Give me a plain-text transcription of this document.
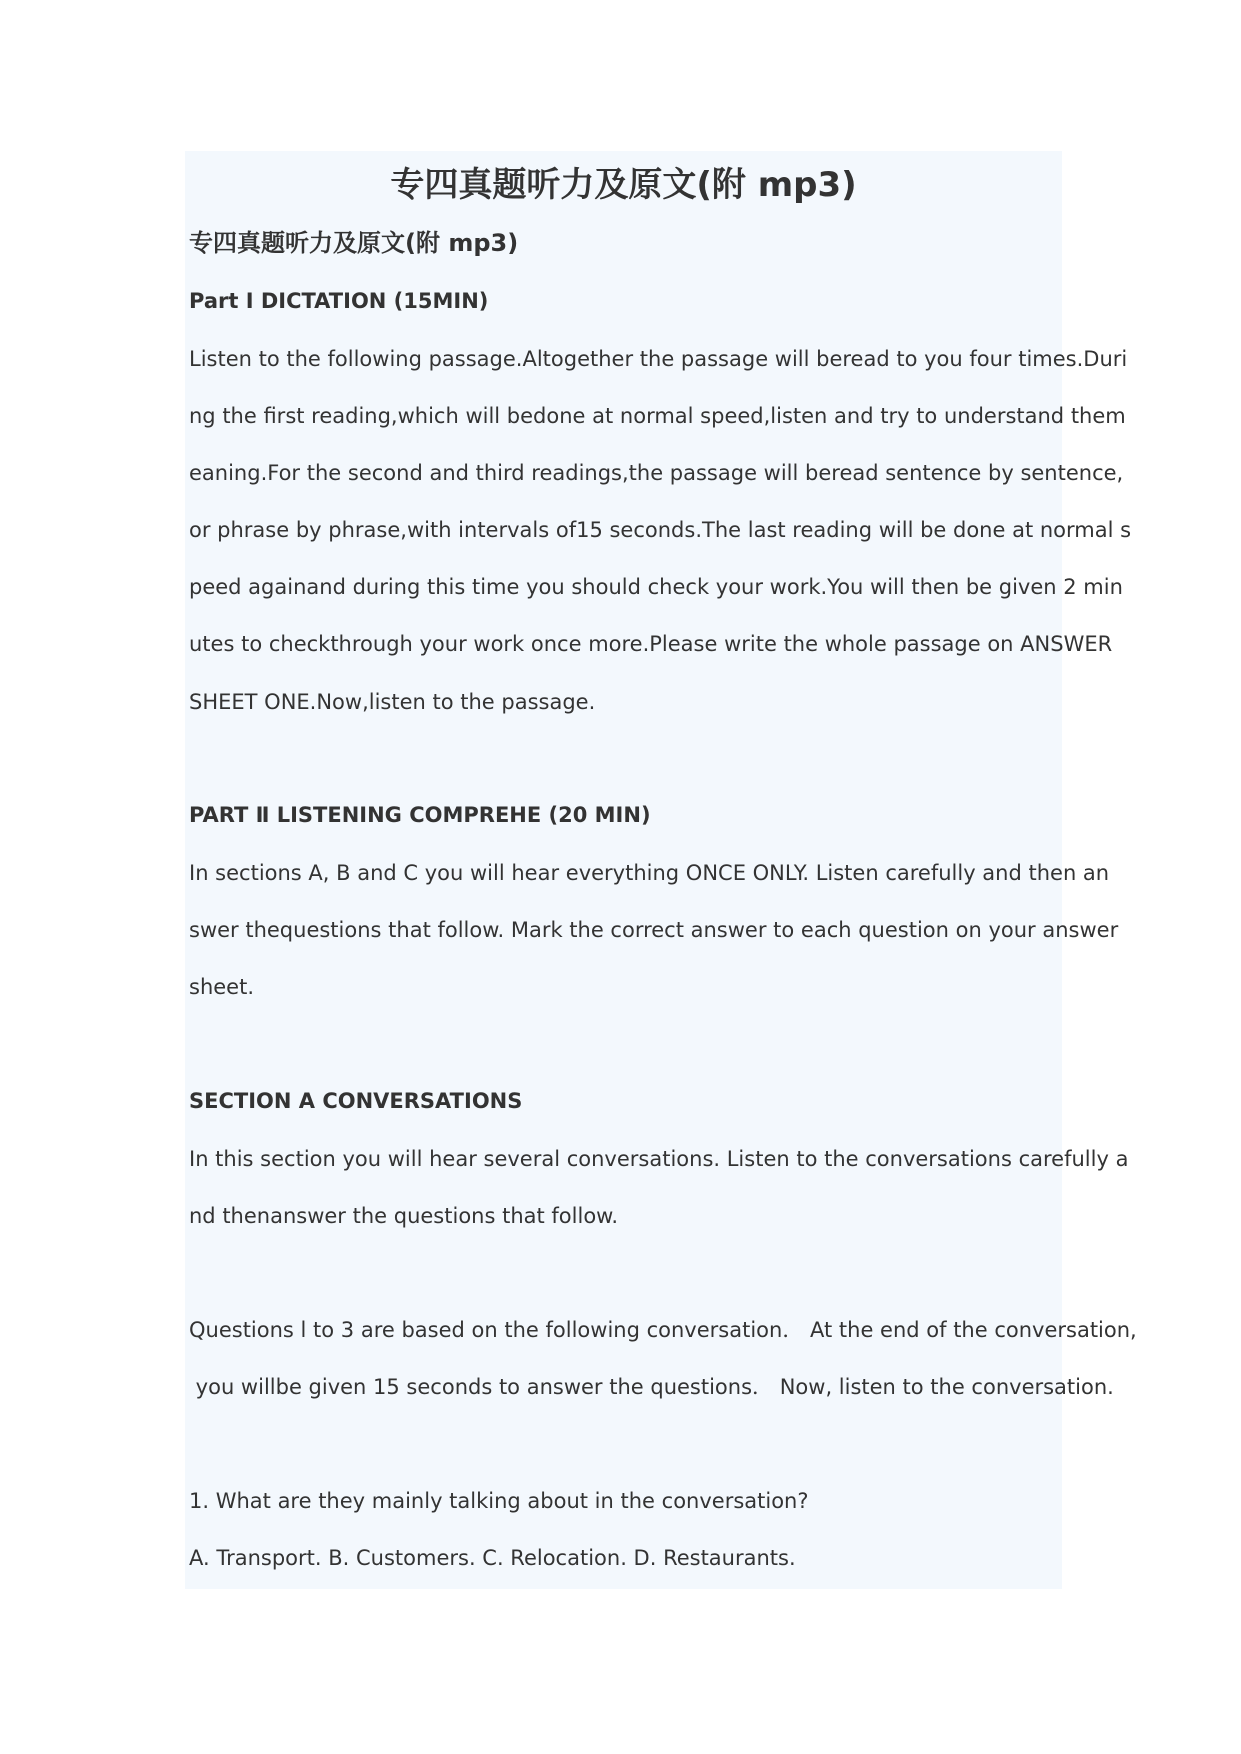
专四真题听力及原文(附 mp3)
专四真题听力及原文(附 mp3)
Part I DICTATION (15MIN)
Listen to the following passage.Altogether the passage will beread to you four times.Duri
ng the first reading,which will bedone at normal speed,listen and try to understand them
eaning.For the second and third readings,the passage will beread sentence by sentence,
or phrase by phrase,with intervals of15 seconds.The last reading will be done at normal s
peed againand during this time you should check your work.You will then be given 2 min
utes to checkthrough your work once more.Please write the whole passage on ANSWER
SHEET ONE.Now,listen to the passage.
PART Ⅱ LISTENING COMPREHE (20 MIN)
In sections A, B and C you will hear everything ONCE ONLY. Listen carefully and then an
swer thequestions that follow. Mark the correct answer to each question on your answer
sheet.
SECTION A CONVERSATIONS
In this section you will hear several conversations. Listen to the conversations carefully a
nd thenanswer the questions that follow.
Questions l to 3 are based on the following conversation． At the end of the conversation,
you willbe given 15 seconds to answer the questions． Now, listen to the conversation.
1. What are they mainly talking about in the conversation?
A. Transport. B. Customers. C. Relocation. D. Restaurants.
